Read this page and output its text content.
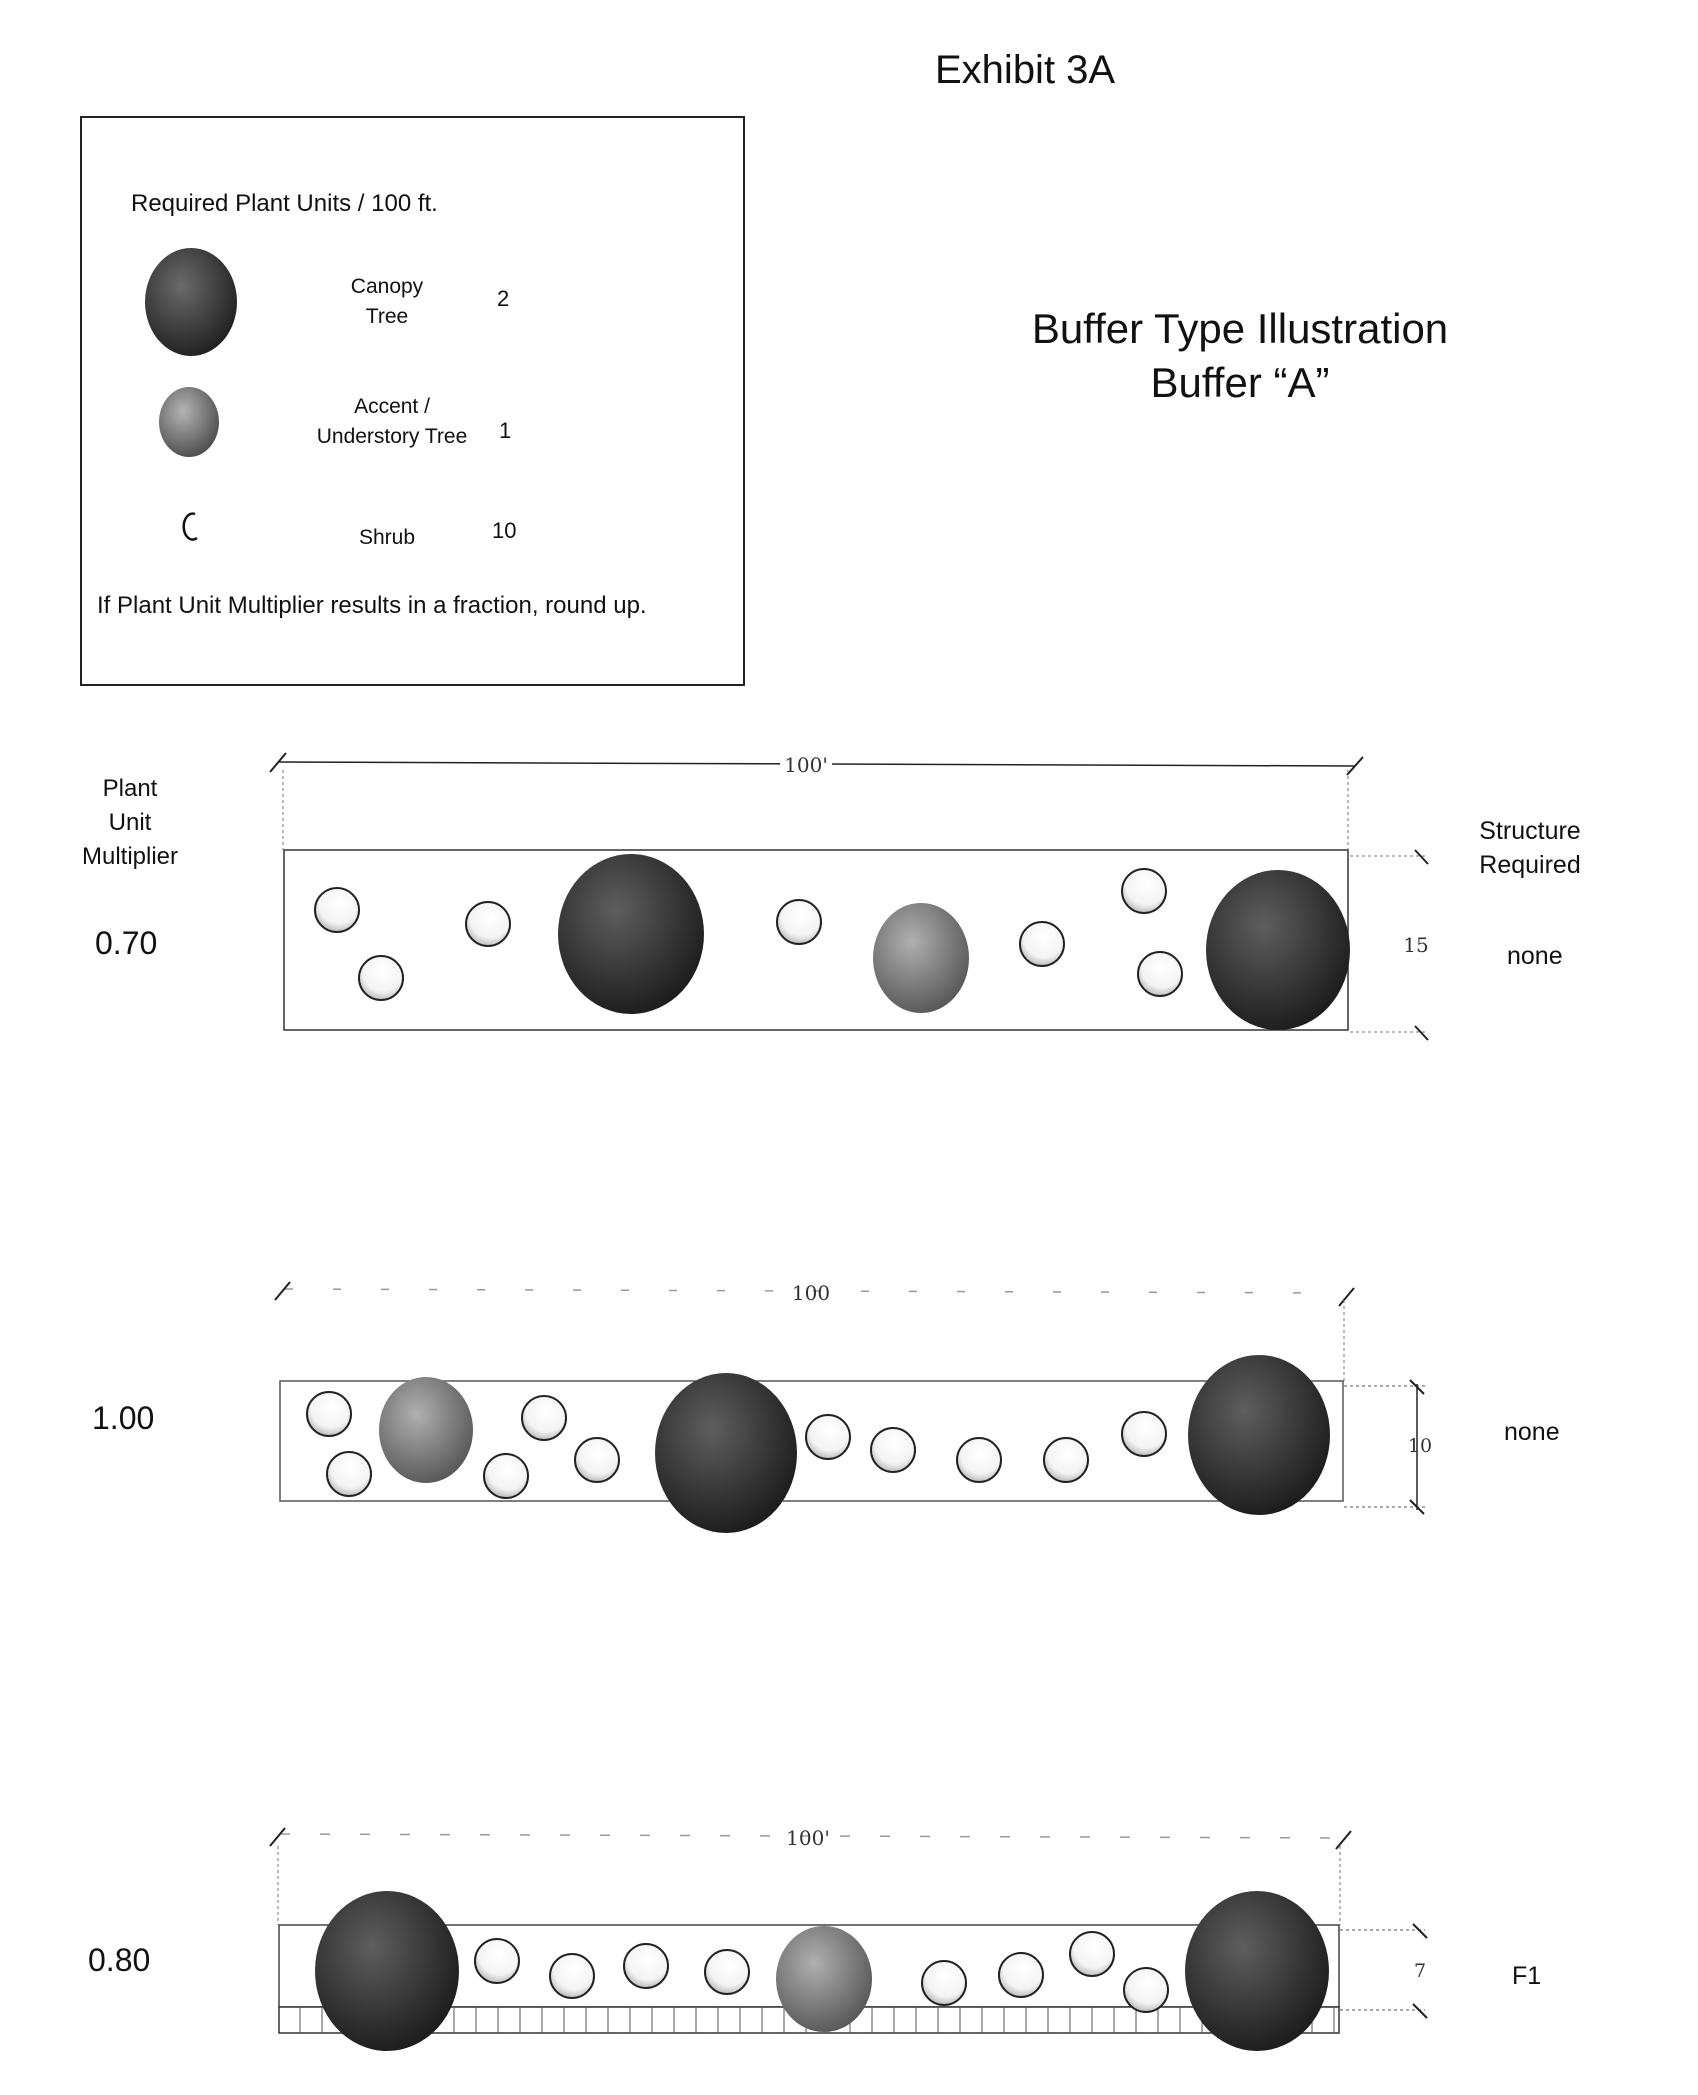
Exhibit 3A
Required Plant Units / 100 ft.
Canopy
Tree
2
Accent /
Understory Tree	1
Shrub	10
If Plant Unit Multiplier results in a fraction, round up.
Buffer Type Illustration
Buffer “A”
Plant
Unit
Multiplier
Structure
Required
0.70	none
1.00	none
0.80	F1
100'
15
100
10
100'
7
